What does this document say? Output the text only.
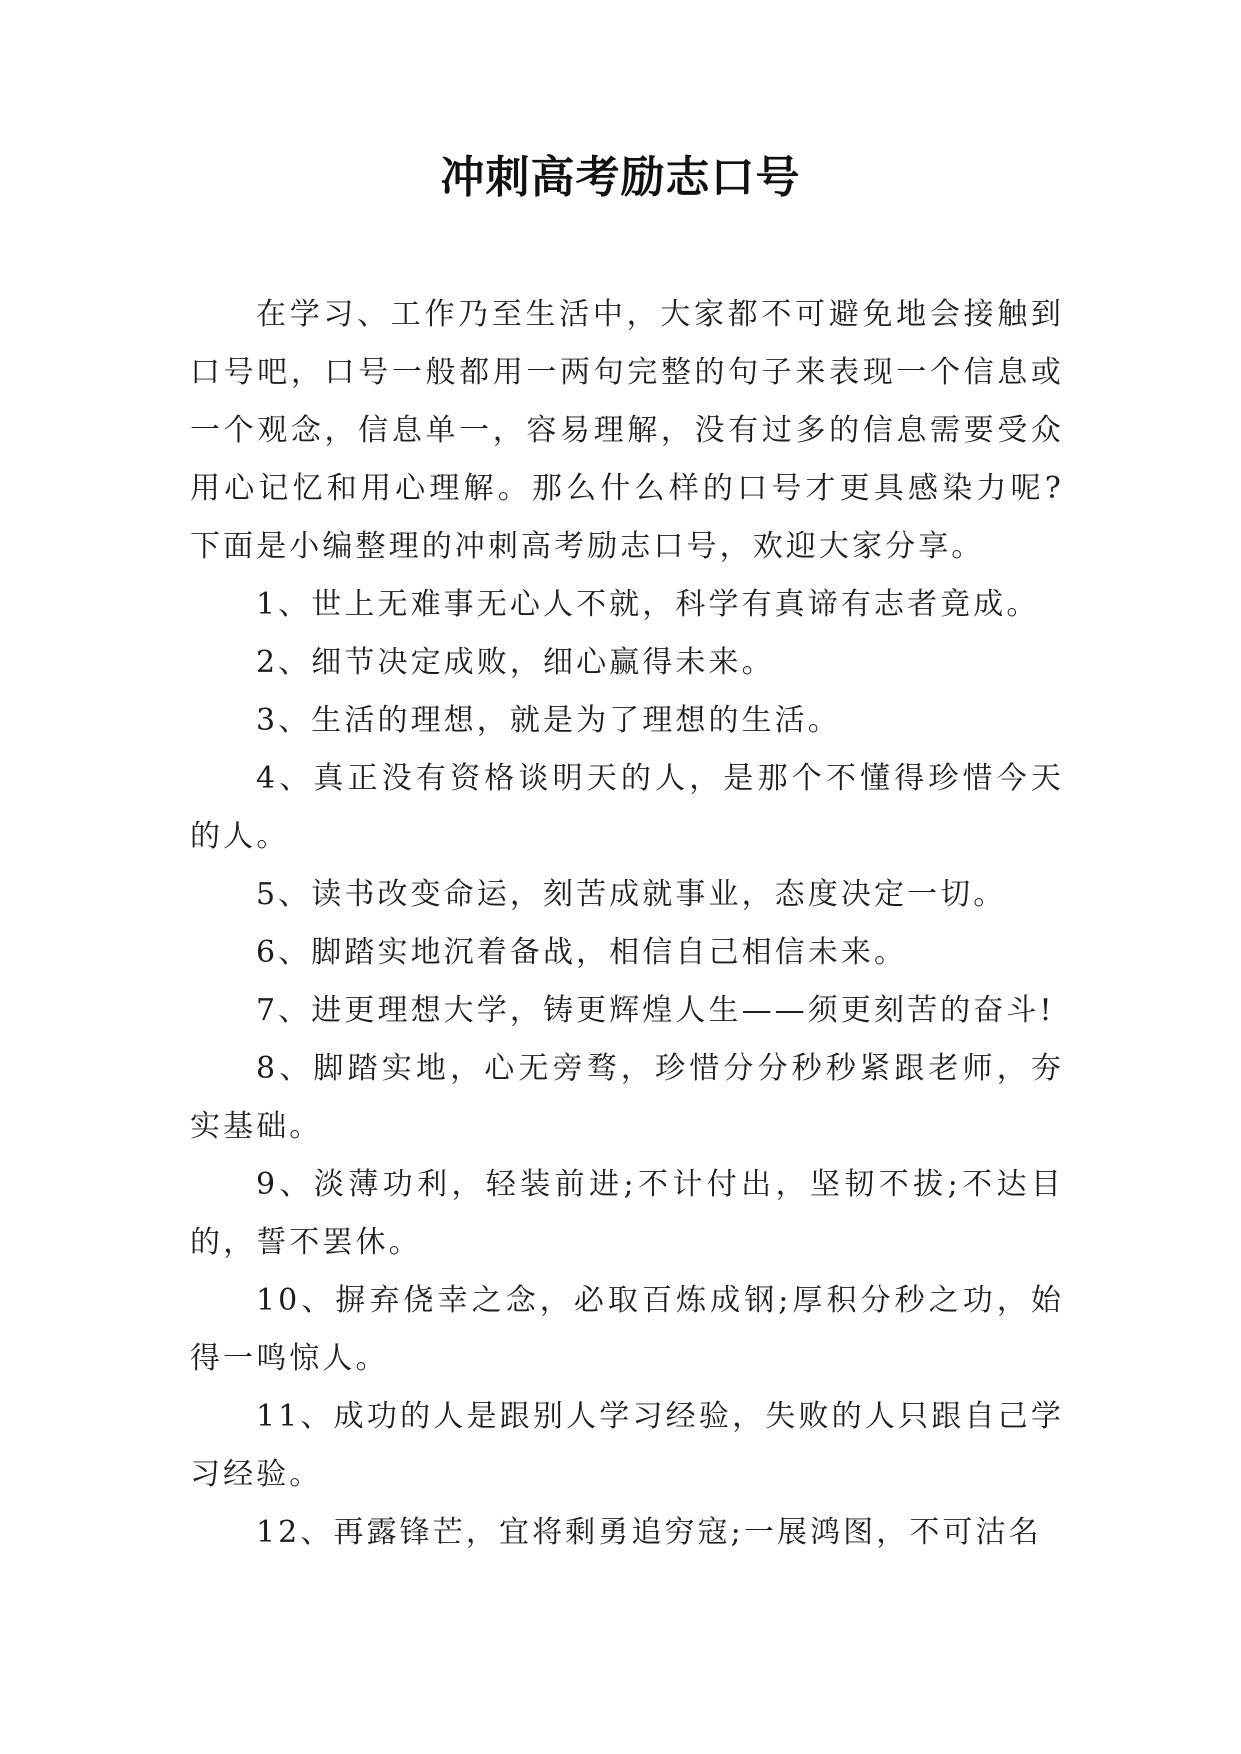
冲刺高考励志口号

在学习、工作乃至生活中，大家都不可避免地会接触到口号吧，口号一般都用一两句完整的句子来表现一个信息或一个观念，信息单一，容易理解，没有过多的信息需要受众用心记忆和用心理解。那么什么样的口号才更具感染力呢?下面是小编整理的冲刺高考励志口号，欢迎大家分享。

1、世上无难事无心人不就，科学有真谛有志者竟成。

2、细节决定成败，细心赢得未来。

3、生活的理想，就是为了理想的生活。

4、真正没有资格谈明天的人，是那个不懂得珍惜今天的人。

5、读书改变命运，刻苦成就事业，态度决定一切。

6、脚踏实地沉着备战，相信自己相信未来。

7、进更理想大学，铸更辉煌人生——须更刻苦的奋斗!

8、脚踏实地，心无旁骛，珍惜分分秒秒紧跟老师，夯实基础。

9、淡薄功利，轻装前进;不计付出，坚韧不拔;不达目的，誓不罢休。

10、摒弃侥幸之念，必取百炼成钢;厚积分秒之功，始得一鸣惊人。

11、成功的人是跟别人学习经验，失败的人只跟自己学习经验。

12、再露锋芒，宜将剩勇追穷寇;一展鸿图，不可沽名
